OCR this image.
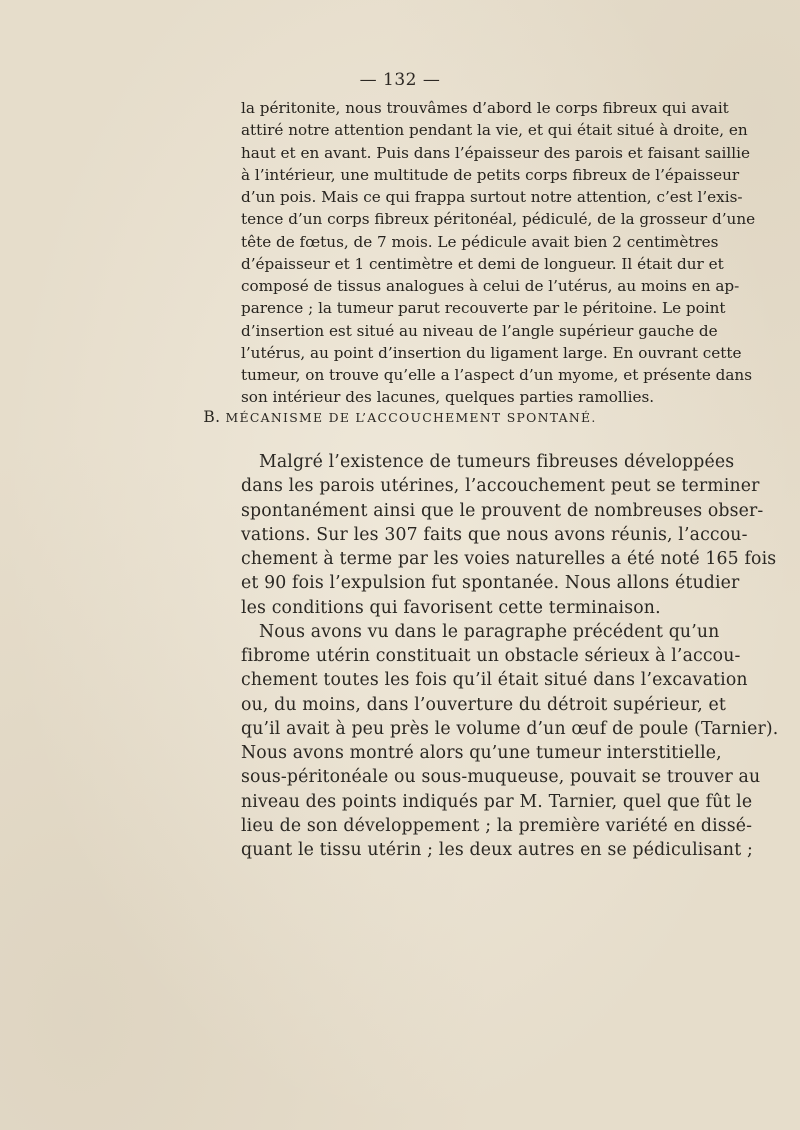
— 132 —
la péritonite, nous trouvâmes d’abord le corps fibreux qui avait
attiré notre attention pendant la vie, et qui était situé à droite, en
haut et en avant. Puis dans l’épaisseur des parois et faisant saillie
à l’intérieur, une multitude de petits corps fibreux de l’épaisseur
d’un pois. Mais ce qui frappa surtout notre attention, c’est l’exis-
tence d’un corps fibreux péritonéal, pédiculé, de la grosseur d’une
tête de fœtus, de 7 mois. Le pédicule avait bien 2 centimètres
d’épaisseur et 1 centimètre et demi de longueur. Il était dur et
composé de tissus analogues à celui de l’utérus, au moins en ap-
parence ; la tumeur parut recouverte par le péritoine. Le point
d’insertion est situé au niveau de l’angle supérieur gauche de
l’utérus, au point d’insertion du ligament large. En ouvrant cette
tumeur, on trouve qu’elle a l’aspect d’un myome, et présente dans
son intérieur des lacunes, quelques parties ramollies.
B. MÉCANISME DE L’ACCOUCHEMENT SPONTANÉ.
Malgré l’existence de tumeurs fibreuses développées
dans les parois utérines, l’accouchement peut se terminer
spontanément ainsi que le prouvent de nombreuses obser-
vations. Sur les 307 faits que nous avons réunis, l’accou-
chement à terme par les voies naturelles a été noté 165 fois
et 90 fois l’expulsion fut spontanée. Nous allons étudier
les conditions qui favorisent cette terminaison.
Nous avons vu dans le paragraphe précédent qu’un
fibrome utérin constituait un obstacle sérieux à l’accou-
chement toutes les fois qu’il était situé dans l’excavation
ou, du moins, dans l’ouverture du détroit supérieur, et
qu’il avait à peu près le volume d’un œuf de poule (Tarnier).
Nous avons montré alors qu’une tumeur interstitielle,
sous-péritonéale ou sous-muqueuse, pouvait se trouver au
niveau des points indiqués par M. Tarnier, quel que fût le
lieu de son développement ; la première variété en dissé-
quant le tissu utérin ; les deux autres en se pédiculisant ;
